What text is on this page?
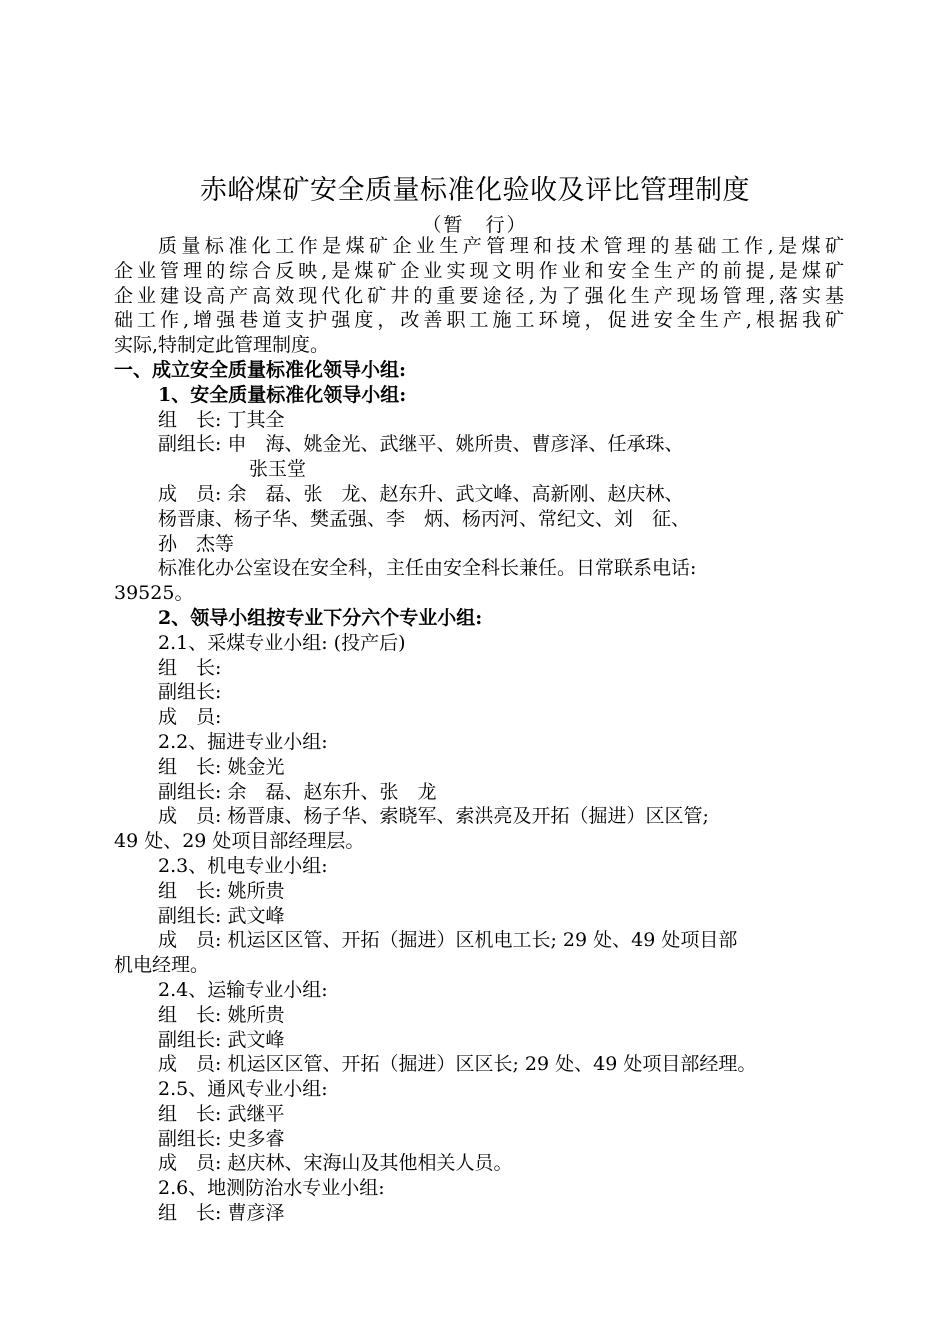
赤峪煤矿安全质量标准化验收及评比管理制度
（暂　行）
质量标准化工作是煤矿企业生产管理和技术管理的基础工作,是煤矿
企业管理的综合反映,是煤矿企业实现文明作业和安全生产的前提,是煤矿
企业建设高产高效现代化矿井的重要途径,为了强化生产现场管理,落实基
础工作,增强巷道支护强度，改善职工施工环境，促进安全生产,根据我矿
实际,特制定此管理制度。
一、成立安全质量标准化领导小组:
1、安全质量标准化领导小组:
组　长: 丁其全
副组长: 申　海、姚金光、武继平、姚所贵、曹彦泽、任承珠、
张玉堂
成　员: 余　磊、张　龙、赵东升、武文峰、高新刚、赵庆林、
杨晋康、杨子华、樊孟强、李　炳、杨丙河、常纪文、刘　征、
孙　杰等
标准化办公室设在安全科，主任由安全科长兼任。日常联系电话:
39525。
2、领导小组按专业下分六个专业小组:
2.1、采煤专业小组: (投产后)
组　长:
副组长:
成　员:
2.2、掘进专业小组:
组　长: 姚金光
副组长: 余　磊、赵东升、张　龙
成　员: 杨晋康、杨子华、索晓军、索洪亮及开拓（掘进）区区管;
49 处、29 处项目部经理层。
2.3、机电专业小组:
组　长: 姚所贵
副组长: 武文峰
成　员: 机运区区管、开拓（掘进）区机电工长; 29 处、49 处项目部
机电经理。
2.4、运输专业小组:
组　长: 姚所贵
副组长: 武文峰
成　员: 机运区区管、开拓（掘进）区区长; 29 处、49 处项目部经理。
2.5、通风专业小组:
组　长: 武继平
副组长: 史多睿
成　员: 赵庆林、宋海山及其他相关人员。
2.6、地测防治水专业小组:
组　长: 曹彦泽
